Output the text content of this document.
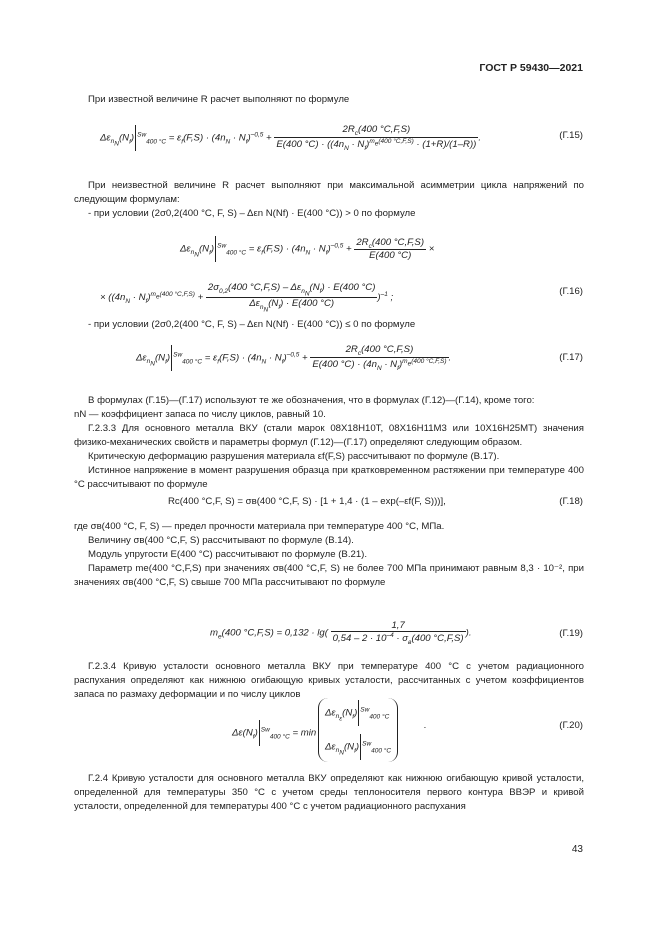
ГОСТ Р 59430—2021
При известной величине R расчет выполняют по формуле
$\Delta\varepsilon_{n_N}(N_f) ^{Sw}_{400 ^\circ C} = \varepsilon_f(F,S) \cdot (4n_N \cdot N_f)^{-0,5} + \frac{2R_c(400 ^\circ C,F,S)}{E(400 ^\circ C) \cdot ((4n_N \cdot N_f)^{m_e(400 ^\circ C,F,S)} \cdot (1+R)/(1-R))}$ .	(Г.15)
При неизвестной величине R расчет выполняют при максимальной асимметрии цикла напряжений по следующим формулам:
- при условии (2σ0,2(400 °С, F, S) – Δεn N(Nf) · E(400 °С)) > 0 по формуле
$\Delta\varepsilon_{n_N}(N_f) ^{Sw}_{400 ^\circ C} = \varepsilon_f(F,S) \cdot (4n_N \cdot N_f)^{-0,5} + \frac{2R_c(400 ^\circ C,F,S)}{E(400 ^\circ C)}$ ×
× $((4n_N \cdot N_f)^{m_e(400 ^\circ C,F,S)} + \frac{2\sigma_{0,2}(400 ^\circ C,F,S) - \Delta\varepsilon_{n_N}(N_f) \cdot E(400 ^\circ C)}{\Delta\varepsilon_{n_N}(N_f) \cdot E(400 ^\circ C)} )^{-1}$ ;
(Г.16)
- при условии (2σ0,2(400 °С, F, S) – Δεn N(Nf) · E(400 °С)) ≤ 0 по формуле
$\Delta\varepsilon_{n_N}(N_f) ^{Sw}_{400 ^\circ C} = \varepsilon_f(F,S) \cdot (4n_N \cdot N_f)^{-0,5} + \frac{2R_c(400 ^\circ C,F,S)}{E(400 ^\circ C) \cdot (4n_N \cdot N_f)^{m_e(400 ^\circ C,F,S)}}$ .	(Г.17)
В формулах (Г.15)—(Г.17) используют те же обозначения, что в формулах (Г.12)—(Г.14), кроме того:
nN — коэффициент запаса по числу циклов, равный 10.
Г.2.3.3 Для основного металла ВКУ (стали марок 08Х18Н10Т, 08Х16Н11М3 или 10Х16Н25МТ) значения физико-механических свойств и параметры формул (Г.12)—(Г.17) определяют следующим образом.
Критическую деформацию разрушения материала εf(F,S) рассчитывают по формуле (В.17).
Истинное напряжение в момент разрушения образца при кратковременном растяжении при температуре 400 °С рассчитывают по формуле
Rc(400 °С,F, S) = σв(400 °С,F, S) · [1 + 1,4 · (1 – exp(–εf(F, S)))],	(Г.18)
где σв(400 °С, F, S) — предел прочности материала при температуре 400 °С, МПа.
Величину σв(400 °С,F, S) рассчитывают по формуле (В.14).
Модуль упругости E(400 °С) рассчитывают по формуле (В.21).
Параметр mе(400 °С,F,S) при значениях σв(400 °С,F, S) не более 700 МПа принимают равным 8,3 · 10⁻², при значениях σв(400 °С,F, S) свыше 700 МПа рассчитывают по формуле
$m_e(400$ $^\circ C,F,S) = 0,132 \cdot \lg( \frac{1,7}{0,54 - 2 \cdot 10^{-4} \cdot \sigma_в(400 ^\circ C,F,S)}$ ).	(Г.19)
Г.2.3.4 Кривую усталости основного металла ВКУ при температуре 400 °С с учетом радиационного распухания определяют как нижнюю огибающую кривых усталости, рассчитанных с учетом коэффициентов запаса по размаху деформации и по числу циклов
$\Delta\varepsilon(N_f) ^{Sw}_{400 ^\circ C} = \min$
$\Delta\varepsilon_{n_\varepsilon}(N_f)$ $^{Sw}_{400 ^\circ C}$
$\Delta\varepsilon_{n_N}(N_f)$ $^{Sw}_{400 ^\circ C}$
.	(Г.20)
Г.2.4 Кривую усталости для основного металла ВКУ определяют как нижнюю огибающую кривой усталости, определенной для температуры 350 °С с учетом среды теплоносителя первого контура ВВЭР и кривой усталости, определенной для температуры 400 °С с учетом радиационного распухания
43
